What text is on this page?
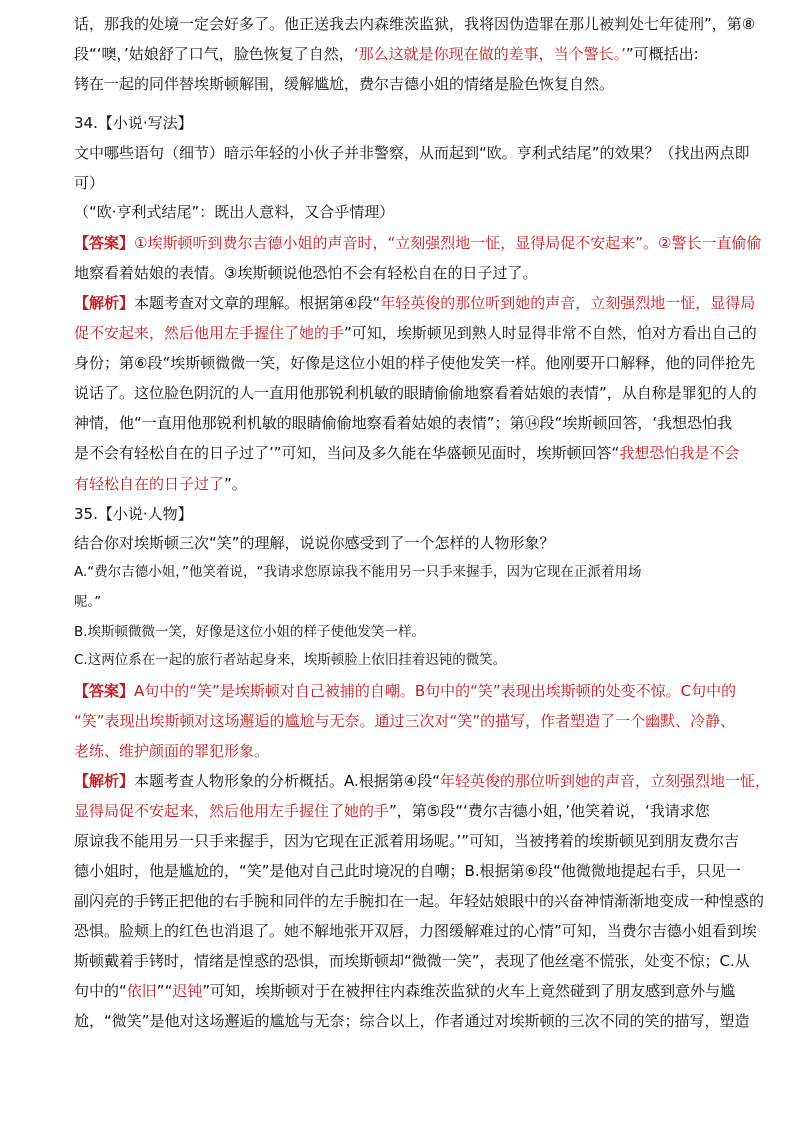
话，那我的处境一定会好多了。他正送我去内森维茨监狱，我将因伪造罪在那儿被判处七年徒刑”，第⑧
段“‘噢，’姑娘舒了口气，脸色恢复了自然，‘那么这就是你现在做的差事，当个警长。’”可概括出:
铐在一起的同伴替埃斯顿解围，缓解尴尬，费尔吉德小姐的情绪是脸色恢复自然。
34.【小说·写法】
文中哪些语句（细节）暗示年轻的小伙子并非警察，从而起到“欧。亨利式结尾”的效果？（找出两点即
可）
（“欧·亨利式结尾”：既出人意料，又合乎情理）
【答案】①埃斯顿听到费尔吉德小姐的声音时，“立刻强烈地一怔，显得局促不安起来”。②警长一直偷偷
地察看着姑娘的表情。③埃斯顿说他恐怕不会有轻松自在的日子过了。
【解析】本题考查对文章的理解。根据第④段“年轻英俊的那位听到她的声音，立刻强烈地一怔，显得局
促不安起来，然后他用左手握住了她的手”可知，埃斯顿见到熟人时显得非常不自然，怕对方看出自己的
身份；第⑥段“埃斯顿微微一笑，好像是这位小姐的样子使他发笑一样。他刚要开口解释，他的同伴抢先
说话了。这位脸色阴沉的人一直用他那锐利机敏的眼睛偷偷地察看着姑娘的表情”，从自称是罪犯的人的
神情，他“一直用他那锐利机敏的眼睛偷偷地察看着姑娘的表情”；第⑭段“埃斯顿回答，‘我想恐怕我
是不会有轻松自在的日子过了’”可知，当问及多久能在华盛顿见面时，埃斯顿回答“我想恐怕我是不会
有轻松自在的日子过了”。
35.【小说·人物】
结合你对埃斯顿三次“笑”的理解，说说你感受到了一个怎样的人物形象？
A.“费尔吉德小姐，”他笑着说，“我请求您原谅我不能用另一只手来握手，因为它现在正派着用场
呢。”
B.埃斯顿微微一笑，好像是这位小姐的样子使他发笑一样。
C.这两位系在一起的旅行者站起身来，埃斯顿脸上依旧挂着迟钝的微笑。
【答案】A句中的“笑”是埃斯顿对自己被捕的自嘲。B句中的“笑”表现出埃斯顿的处变不惊。C句中的
“笑”表现出埃斯顿对这场邂逅的尴尬与无奈。通过三次对“笑”的描写，作者塑造了一个幽默、冷静、
老练、维护颜面的罪犯形象。
【解析】本题考查人物形象的分析概括。A.根据第④段“年轻英俊的那位听到她的声音，立刻强烈地一怔，
显得局促不安起来，然后他用左手握住了她的手”，第⑤段“‘费尔吉德小姐，’他笑着说，‘我请求您
原谅我不能用另一只手来握手，因为它现在正派着用场呢。’”可知，当被拷着的埃斯顿见到朋友费尔吉
德小姐时，他是尴尬的，“笑”是他对自己此时境况的自嘲；B.根据第⑥段“他微微地提起右手，只见一
副闪亮的手铐正把他的右手腕和同伴的左手腕扣在一起。年轻姑娘眼中的兴奋神情渐渐地变成一种惶惑的
恐惧。脸颊上的红色也消退了。她不解地张开双唇，力图缓解难过的心情”可知，当费尔吉德小姐看到埃
斯顿戴着手铐时，情绪是惶惑的恐惧，而埃斯顿却“微微一笑”，表现了他丝毫不慌张，处变不惊；C.从
句中的“依旧”“迟钝”可知，埃斯顿对于在被押往内森维茨监狱的火车上竟然碰到了朋友感到意外与尴
尬，“微笑”是他对这场邂逅的尴尬与无奈；综合以上，作者通过对埃斯顿的三次不同的笑的描写，塑造
